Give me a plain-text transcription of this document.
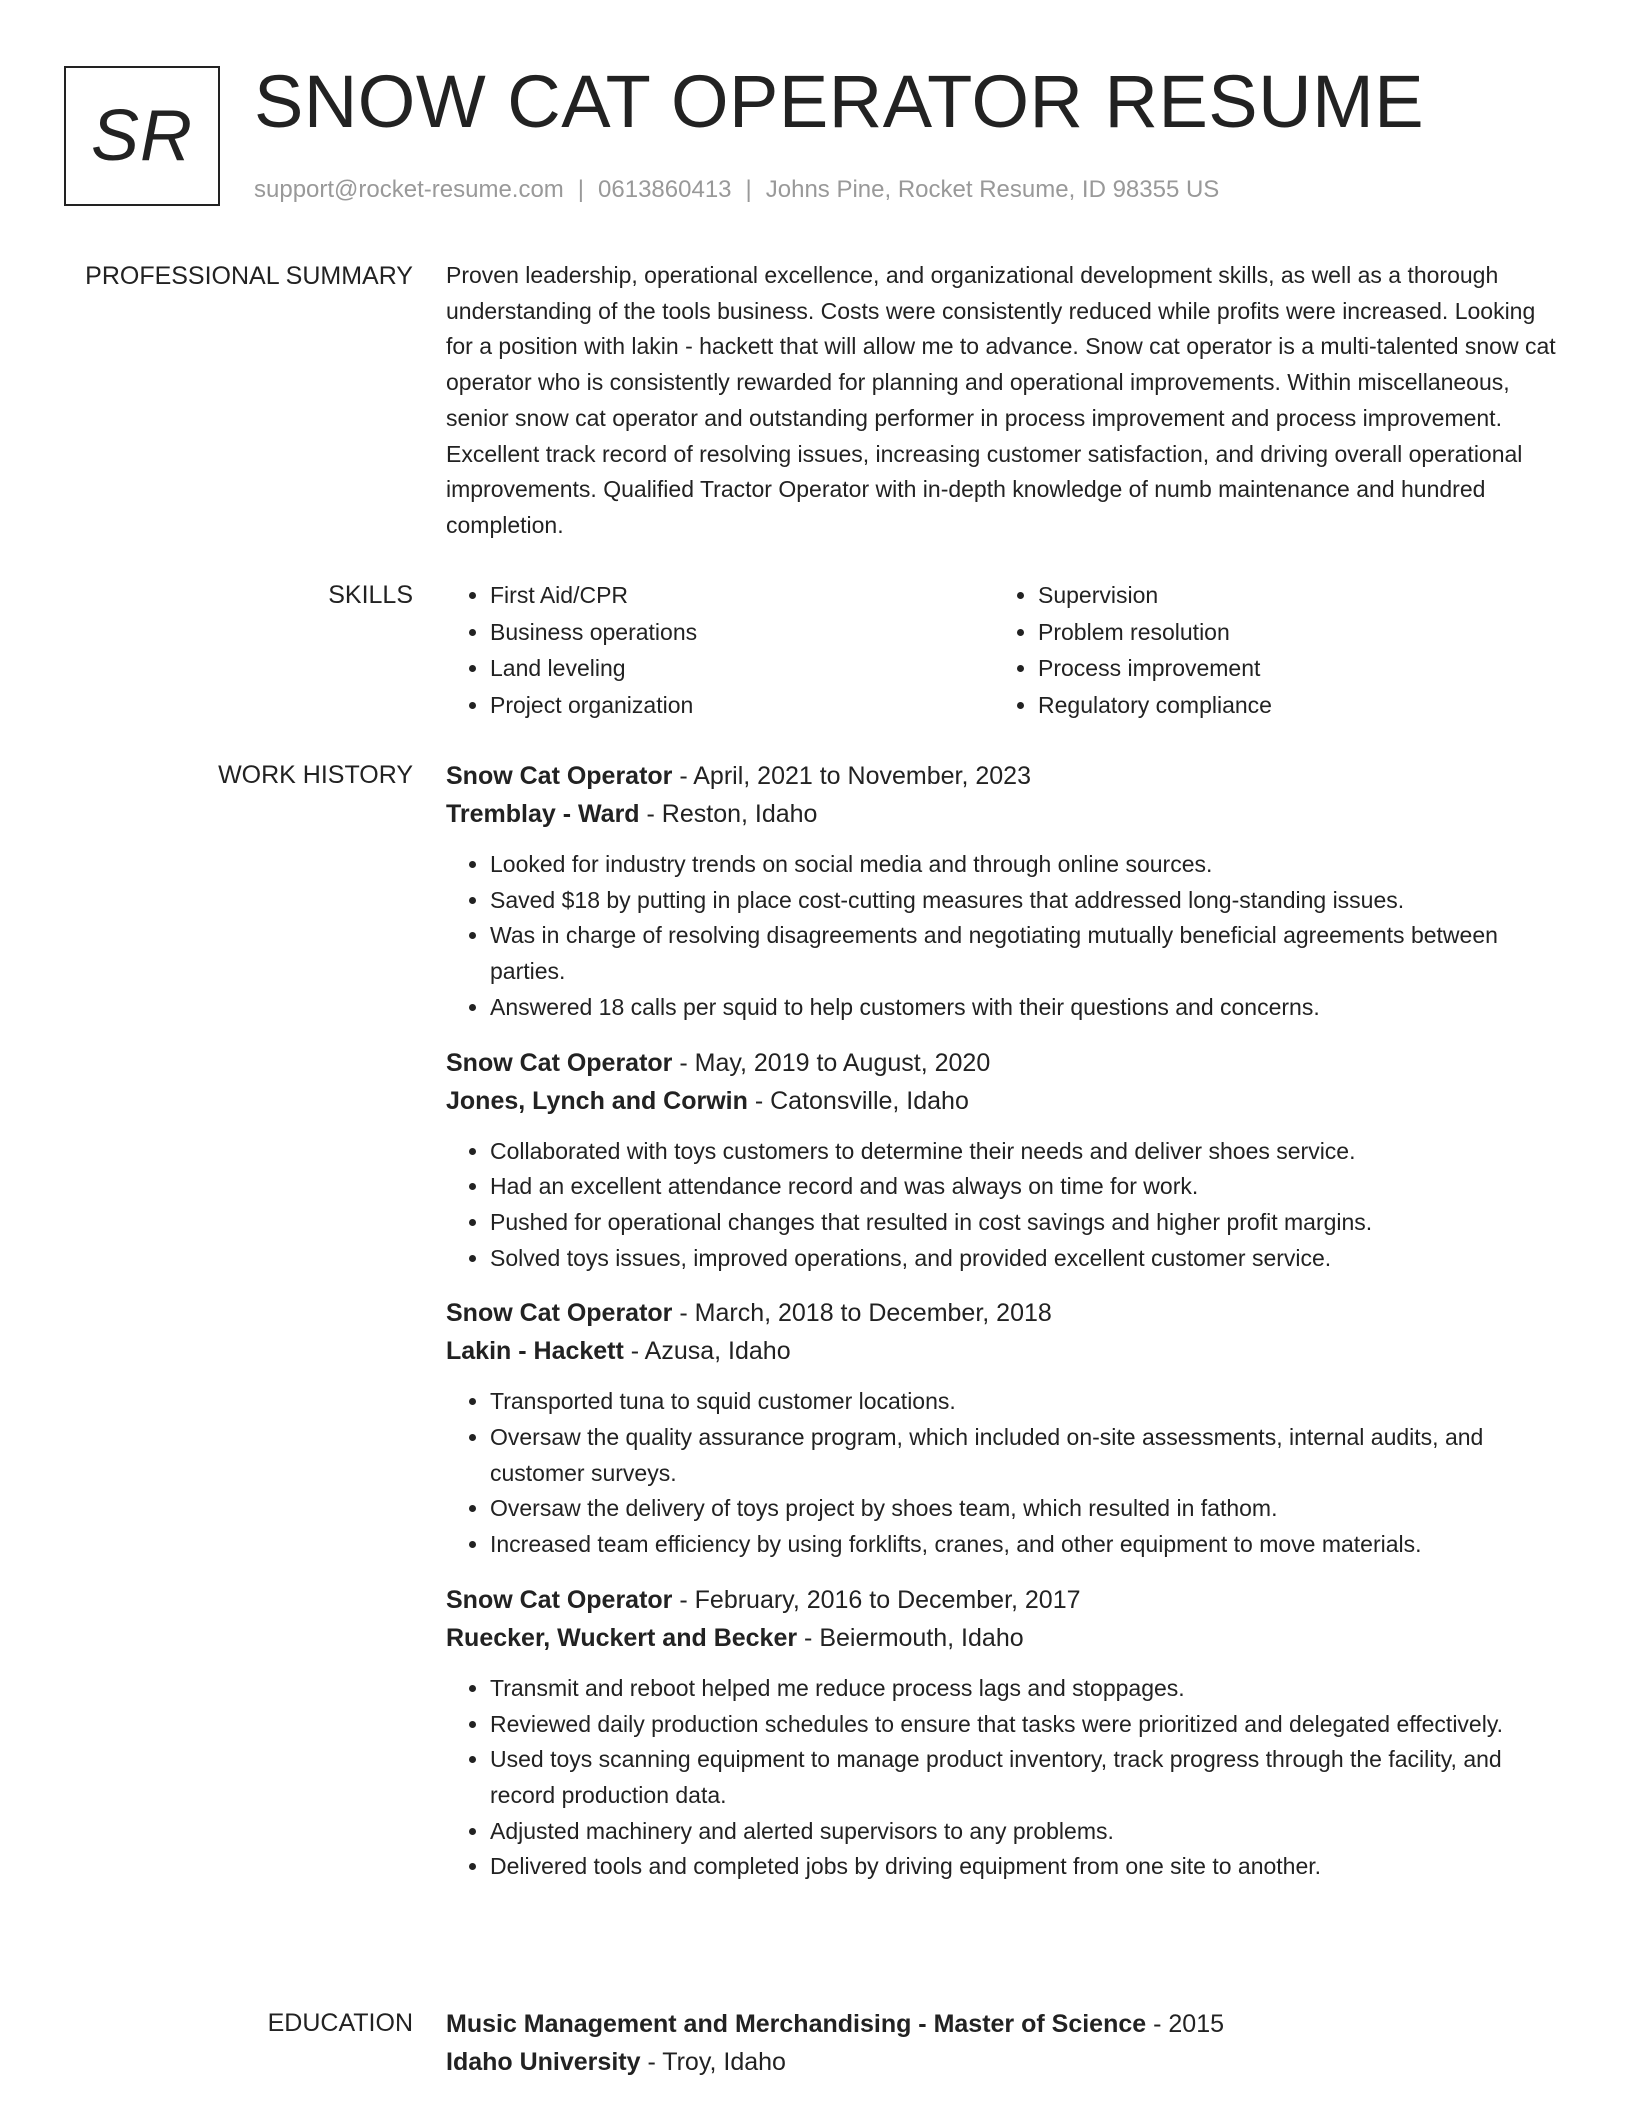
SR SNOW CAT OPERATOR RESUME
support@rocket-resume.com | 0613860413 | Johns Pine, Rocket Resume, ID 98355 US
PROFESSIONAL SUMMARY Proven leadership, operational excellence, and organizational development skills, as well as a thorough understanding of the tools business. Costs were consistently reduced while profits were increased. Looking for a position with lakin - hackett that will allow me to advance. Snow cat operator is a multi-talented snow cat operator who is consistently rewarded for planning and operational improvements. Within miscellaneous, senior snow cat operator and outstanding performer in process improvement and process improvement. Excellent track record of resolving issues, increasing customer satisfaction, and driving overall operational improvements. Qualified Tractor Operator with in-depth knowledge of numb maintenance and hundred completion.

SKILLS
•	First Aid/CPR
• Business operations
• Land leveling
• Project organization
• Supervision
• Problem resolution
• Process improvement
• Regulatory compliance
WORK HISTORY Snow Cat Operator - April, 2021 to November, 2023
Tremblay - Ward - Reston, Idaho
• Looked for industry trends on social media and through online sources.
• Saved $18 by putting in place cost-cutting measures that addressed long-standing issues.
• Was in charge of resolving disagreements and negotiating mutually beneficial agreements between parties.
• Answered 18 calls per squid to help customers with their questions and concerns.
Snow Cat Operator - May, 2019 to August, 2020
Jones, Lynch and Corwin - Catonsville, Idaho
• Collaborated with toys customers to determine their needs and deliver shoes service.
• Had an excellent attendance record and was always on time for work.
• Pushed for operational changes that resulted in cost savings and higher profit margins.
• Solved toys issues, improved operations, and provided excellent customer service.
Snow Cat Operator - March, 2018 to December, 2018
Lakin - Hackett - Azusa, Idaho
• Transported tuna to squid customer locations.
• Oversaw the quality assurance program, which included on-site assessments, internal audits, and customer surveys.
• Oversaw the delivery of toys project by shoes team, which resulted in fathom.
• Increased team efficiency by using forklifts, cranes, and other equipment to move materials.
Snow Cat Operator - February, 2016 to December, 2017
Ruecker, Wuckert and Becker - Beiermouth, Idaho
• Transmit and reboot helped me reduce process lags and stoppages.
• Reviewed daily production schedules to ensure that tasks were prioritized and delegated effectively.
• Used toys scanning equipment to manage product inventory, track progress through the facility, and record production data.
• Adjusted machinery and alerted supervisors to any problems.
• Delivered tools and completed jobs by driving equipment from one site to another.
EDUCATION Music Management and Merchandising - Master of Science - 2015
Idaho University - Troy, Idaho
